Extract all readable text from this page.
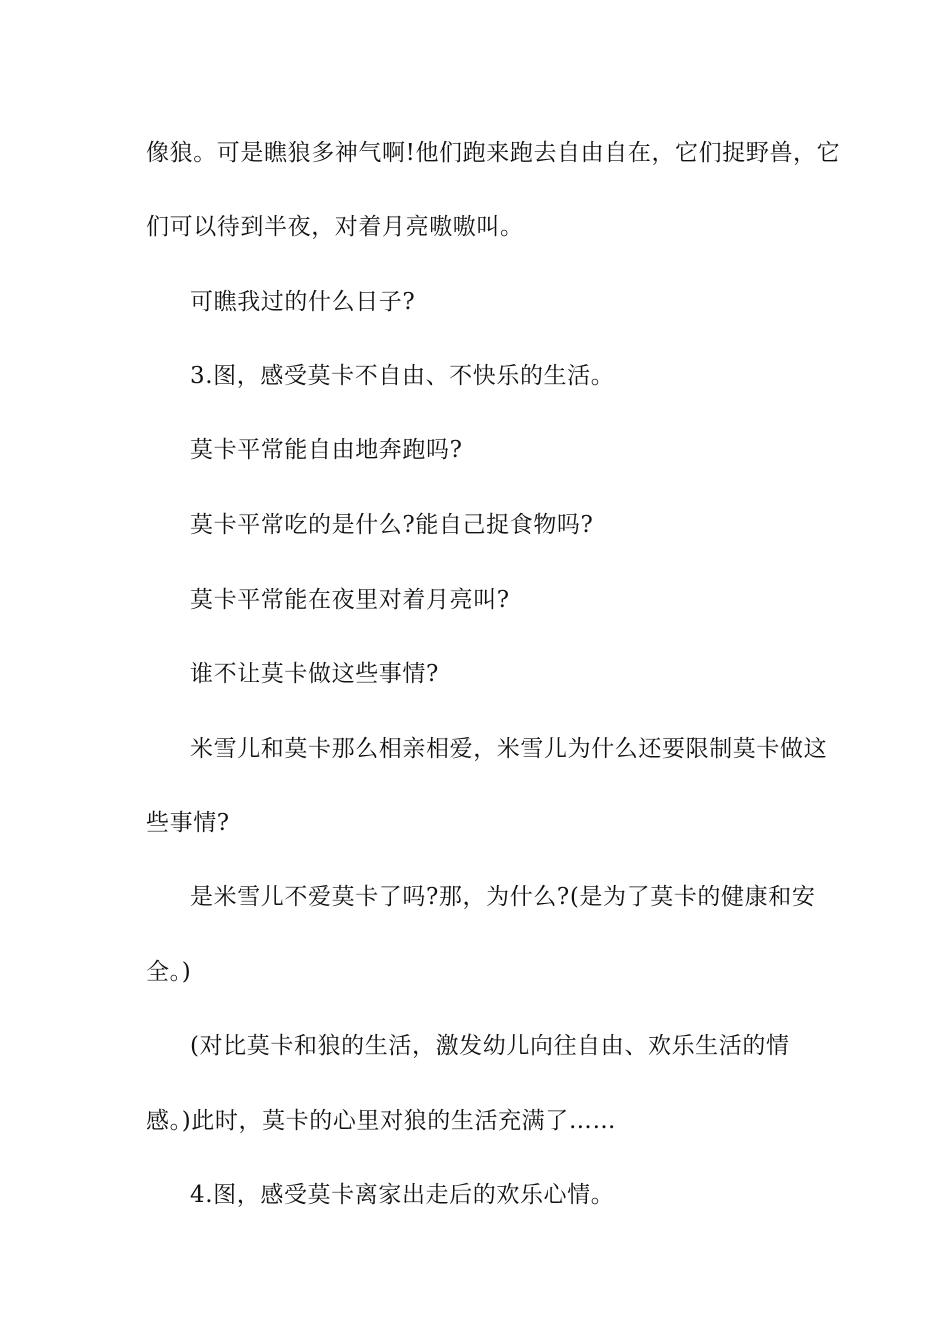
像狼。可是瞧狼多神气啊!他们跑来跑去自由自在，它们捉野兽，它
们可以待到半夜，对着月亮嗷嗷叫。
可瞧我过的什么日子?
3.图，感受莫卡不自由、不快乐的生活。
莫卡平常能自由地奔跑吗?
莫卡平常吃的是什么?能自己捉食物吗?
莫卡平常能在夜里对着月亮叫?
谁不让莫卡做这些事情?
米雪儿和莫卡那么相亲相爱，米雪儿为什么还要限制莫卡做这
些事情?
是米雪儿不爱莫卡了吗?那，为什么?(是为了莫卡的健康和安
全。)
(对比莫卡和狼的生活，激发幼儿向往自由、欢乐生活的情
感。)此时，莫卡的心里对狼的生活充满了……
4.图，感受莫卡离家出走后的欢乐心情。
